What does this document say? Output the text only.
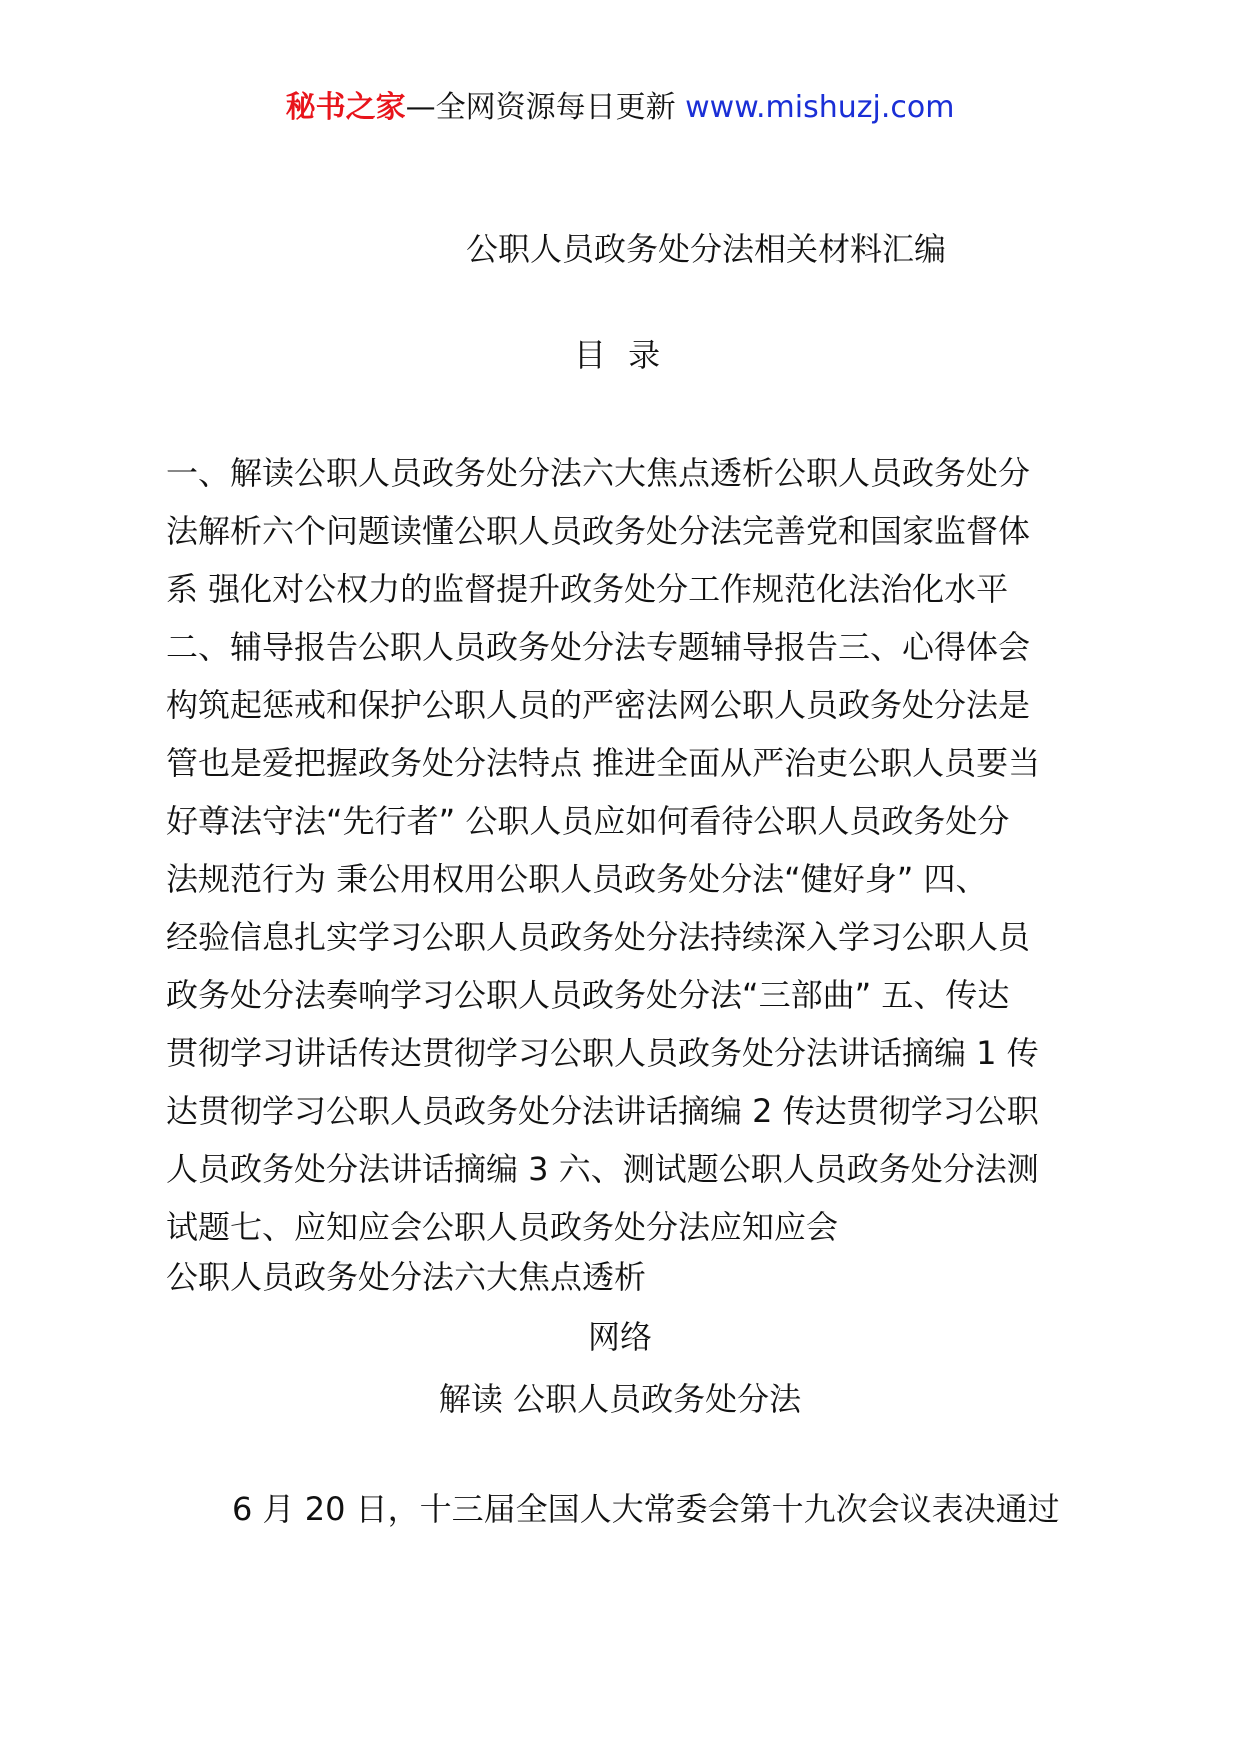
秘书之家—全网资源每日更新 www.mishuzj.com
公职人员政务处分法相关材料汇编
目 录
一、解读公职人员政务处分法六大焦点透析公职人员政务处分
法解析六个问题读懂公职人员政务处分法完善党和国家监督体
系 强化对公权力的监督提升政务处分工作规范化法治化水平
二、辅导报告公职人员政务处分法专题辅导报告三、心得体会
构筑起惩戒和保护公职人员的严密法网公职人员政务处分法是
管也是爱把握政务处分法特点 推进全面从严治吏公职人员要当
好尊法守法“先行者” 公职人员应如何看待公职人员政务处分
法规范行为 秉公用权用公职人员政务处分法“健好身” 四、
经验信息扎实学习公职人员政务处分法持续深入学习公职人员
政务处分法奏响学习公职人员政务处分法“三部曲” 五、传达
贯彻学习讲话传达贯彻学习公职人员政务处分法讲话摘编 1 传
达贯彻学习公职人员政务处分法讲话摘编 2 传达贯彻学习公职
人员政务处分法讲话摘编 3 六、测试题公职人员政务处分法测
试题七、应知应会公职人员政务处分法应知应会
公职人员政务处分法六大焦点透析
网络
解读 公职人员政务处分法
6 月 20 日，十三届全国人大常委会第十九次会议表决通过
